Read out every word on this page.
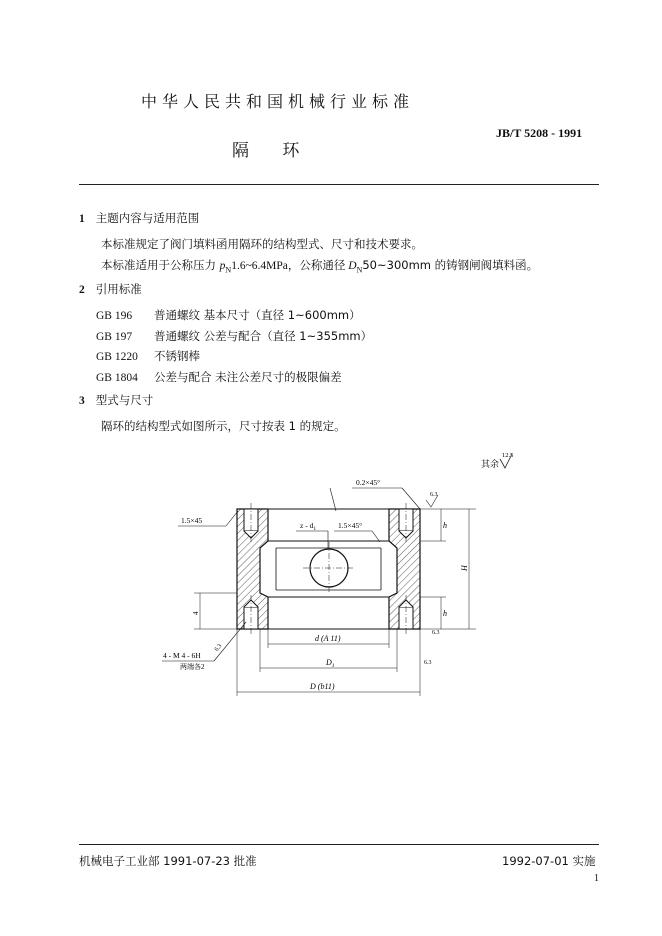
中华人民共和国机械行业标准
隔 环
JB/T 5208 - 1991
1 主题内容与适用范围
本标准规定了阀门填料函用隔环的结构型式、尺寸和技术要求。
本标准适用于公称压力 $p_N1.6\sim 6.4MPa$，公称通径 $D_N50\sim 300mm$ 的铸钢闸阀填料函。
2 引用标准
GB 196 普通螺纹 基本尺寸（直径 1~600mm）
GB 197 普通螺纹 公差与配合（直径 1~355mm）
GB 1220 不锈钢棒
GB 1804 公差与配合 未注公差尺寸的极限偏差
3 型式与尺寸
隔环的结构型式如图所示，尺寸按表 1 的规定。
其余
12.5
0.2×45°
1.5×45
z - $d_1$	1.5×45°
6.3
h
H
h
6.3
4
d (A 11)
$D_1$
D (b11)
6.3
4 - M 4 - 6H
两端各2
6.3
机械电子工业部 1991-07-23 批准	1992-07-01 实施
1
